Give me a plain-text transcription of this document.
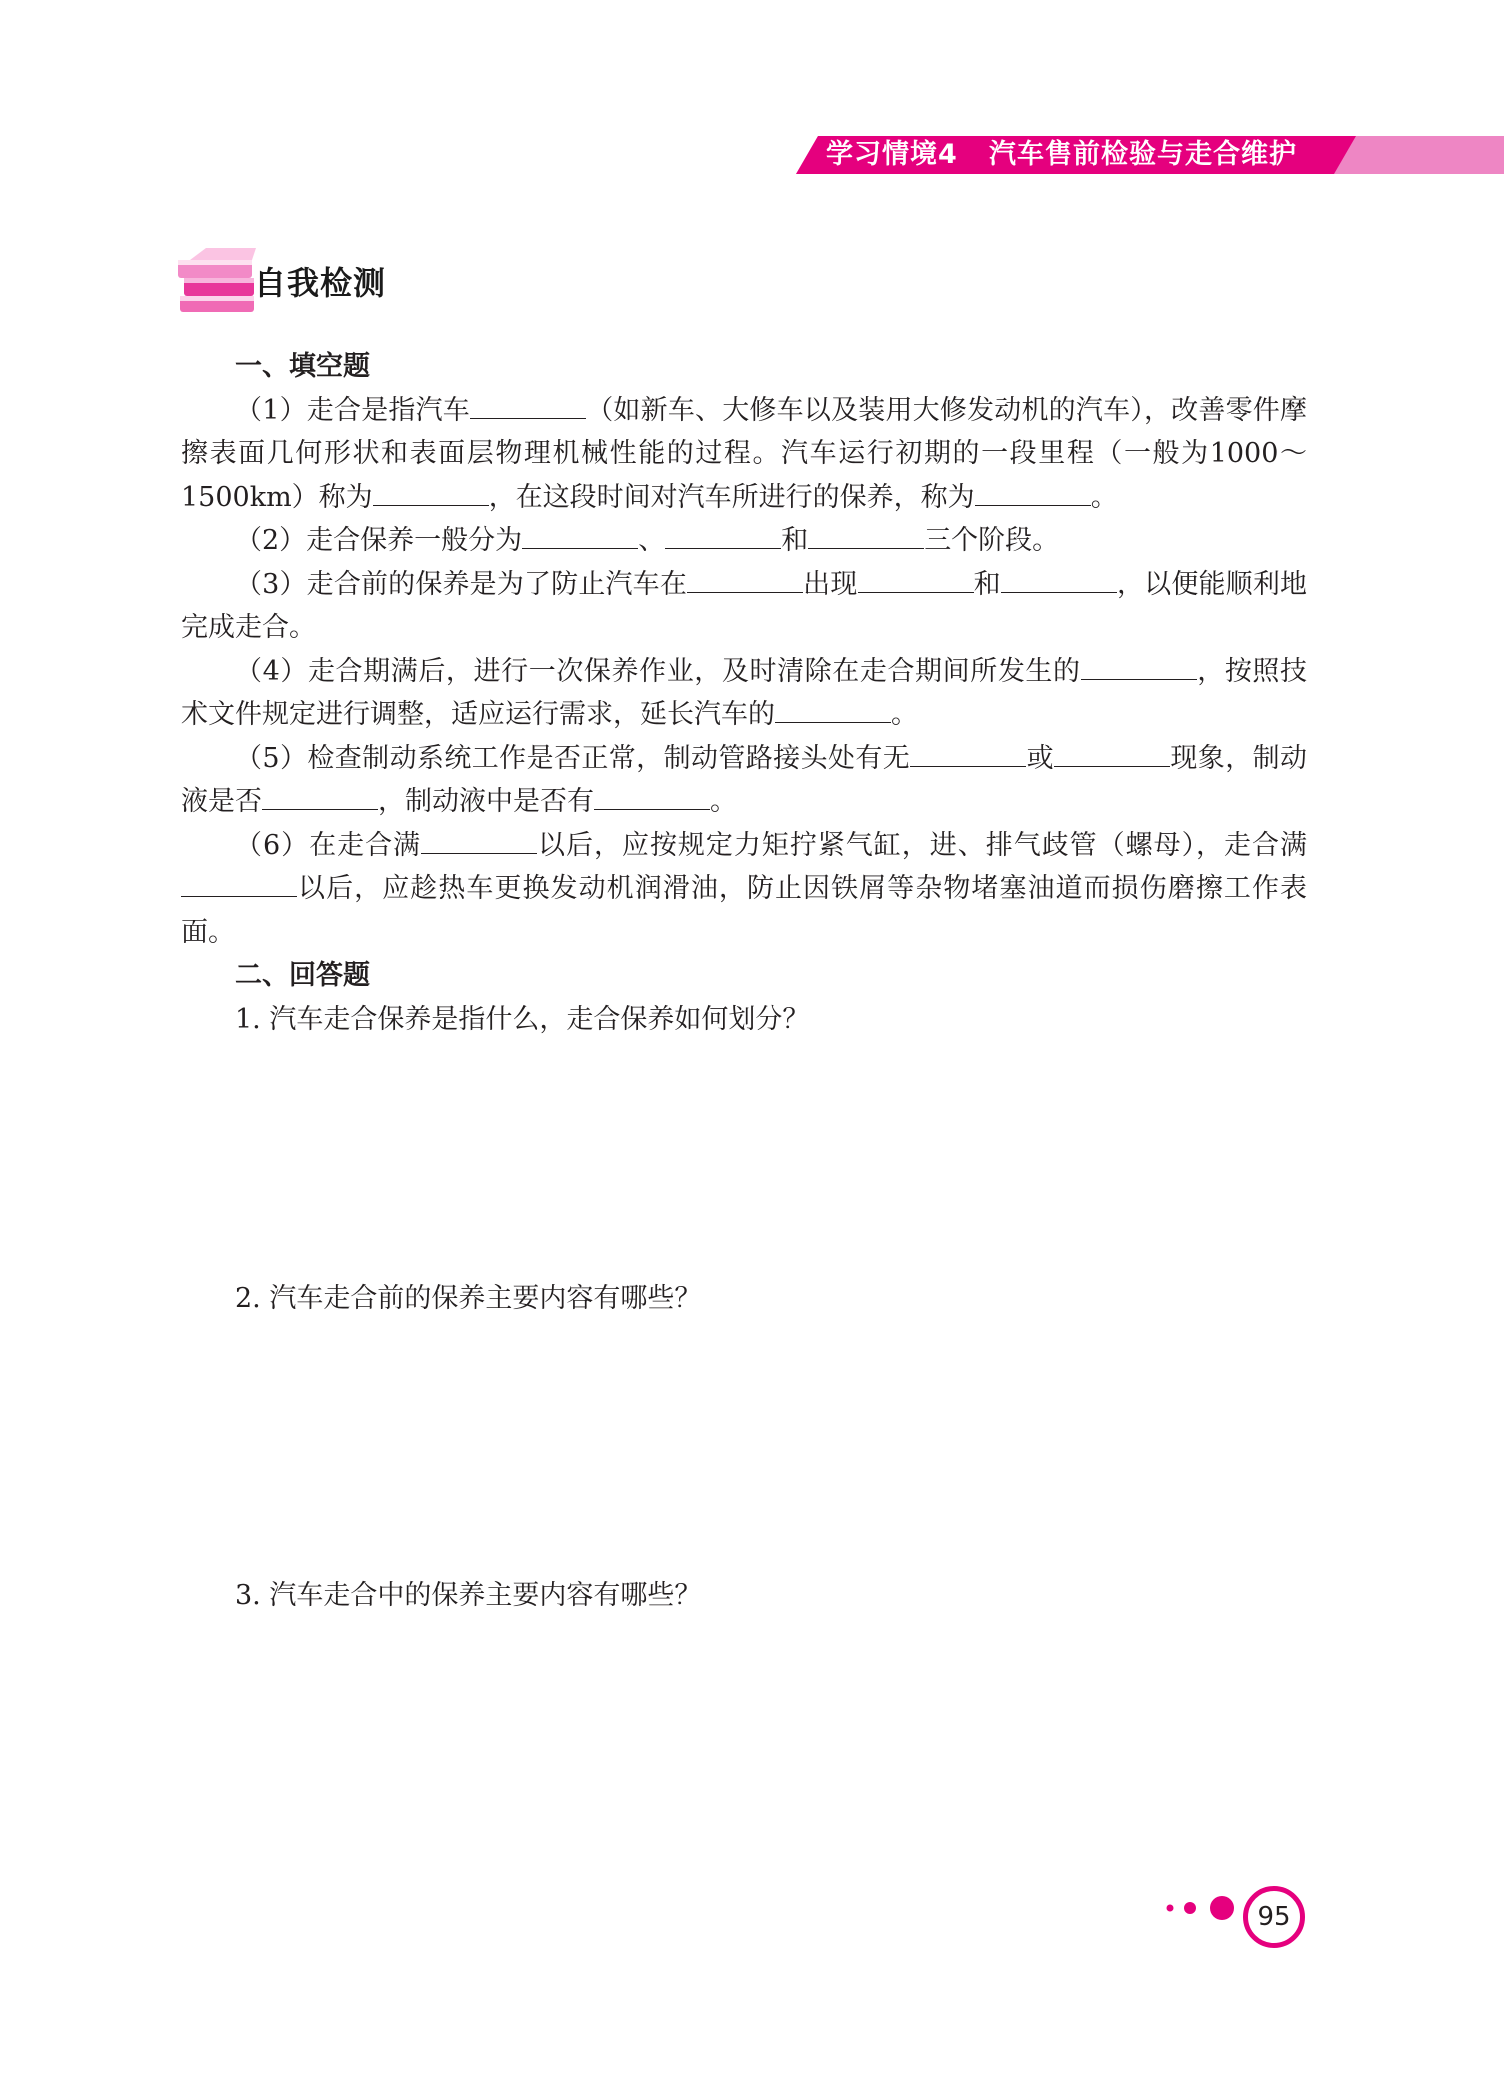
学习情境4   汽车售前检验与走合维护
自我检测
一、填空题
（1）走合是指汽车	（如新车、大修车以及装用大修发动机的汽车），改善零件摩擦表面几何形状和表面层物理机械性能的过程。汽车运行初期的一段里程（一般为1000～1500km）称为	，在这段时间对汽车所进行的保养，称为	。
（2）走合保养一般分为	、	和	三个阶段。
（3）走合前的保养是为了防止汽车在	出现	和	，以便能顺利地完成走合。
（4）走合期满后，进行一次保养作业，及时清除在走合期间所发生的	，按照技术文件规定进行调整，适应运行需求，延长汽车的	。
（5）检查制动系统工作是否正常，制动管路接头处有无	或	现象，制动液是否	，制动液中是否有	。
（6）在走合满	以后，应按规定力矩拧紧气缸，进、排气歧管（螺母），走合满以后，应趁热车更换发动机润滑油，防止因铁屑等杂物堵塞油道而损伤磨擦工作表面。
二、回答题
1. 汽车走合保养是指什么，走合保养如何划分？
2. 汽车走合前的保养主要内容有哪些？
3. 汽车走合中的保养主要内容有哪些？
95
